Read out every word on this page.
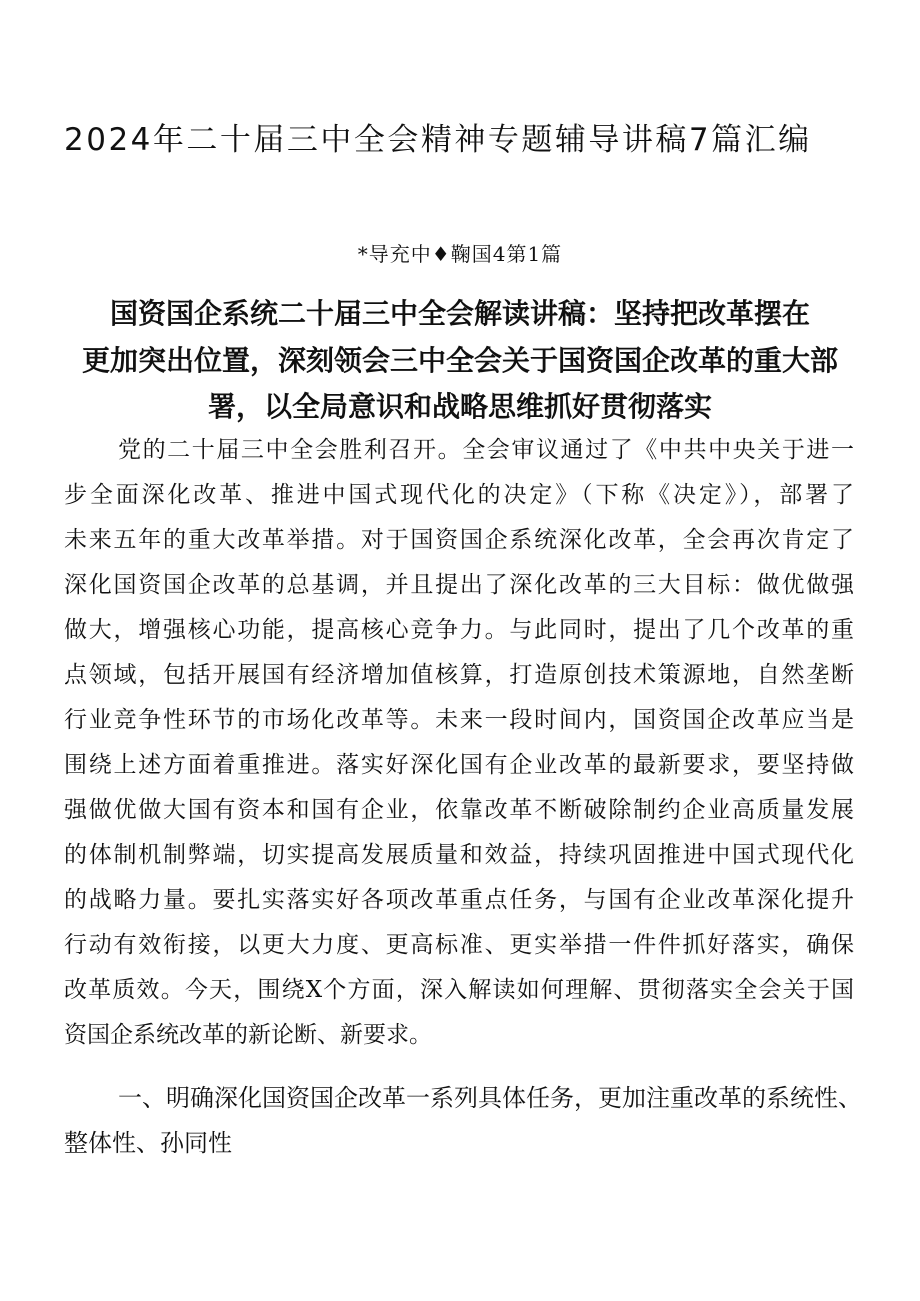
2024年二十届三中全会精神专题辅导讲稿7篇汇编
*导充中♦鞠国4第1篇
国资国企系统二十届三中全会解读讲稿：坚持把改革摆在
更加突出位置，深刻领会三中全会关于国资国企改革的重大部
署，以全局意识和战略思维抓好贯彻落实
党的二十届三中全会胜利召开。全会审议通过了《中共中央关于进一
步全面深化改革、推进中国式现代化的决定》（下称《决定》），部署了
未来五年的重大改革举措。对于国资国企系统深化改革，全会再次肯定了
深化国资国企改革的总基调，并且提出了深化改革的三大目标：做优做强
做大，增强核心功能，提高核心竞争力。与此同时，提出了几个改革的重
点领域，包括开展国有经济增加值核算，打造原创技术策源地，自然垄断
行业竞争性环节的市场化改革等。未来一段时间内，国资国企改革应当是
围绕上述方面着重推进。落实好深化国有企业改革的最新要求，要坚持做
强做优做大国有资本和国有企业，依靠改革不断破除制约企业高质量发展
的体制机制弊端，切实提高发展质量和效益，持续巩固推进中国式现代化
的战略力量。要扎实落实好各项改革重点任务，与国有企业改革深化提升
行动有效衔接，以更大力度、更高标准、更实举措一件件抓好落实，确保
改革质效。今天，围绕X个方面，深入解读如何理解、贯彻落实全会关于国
资国企系统改革的新论断、新要求。
一、明确深化国资国企改革一系列具体任务，更加注重改革的系统性、
整体性、孙同性
